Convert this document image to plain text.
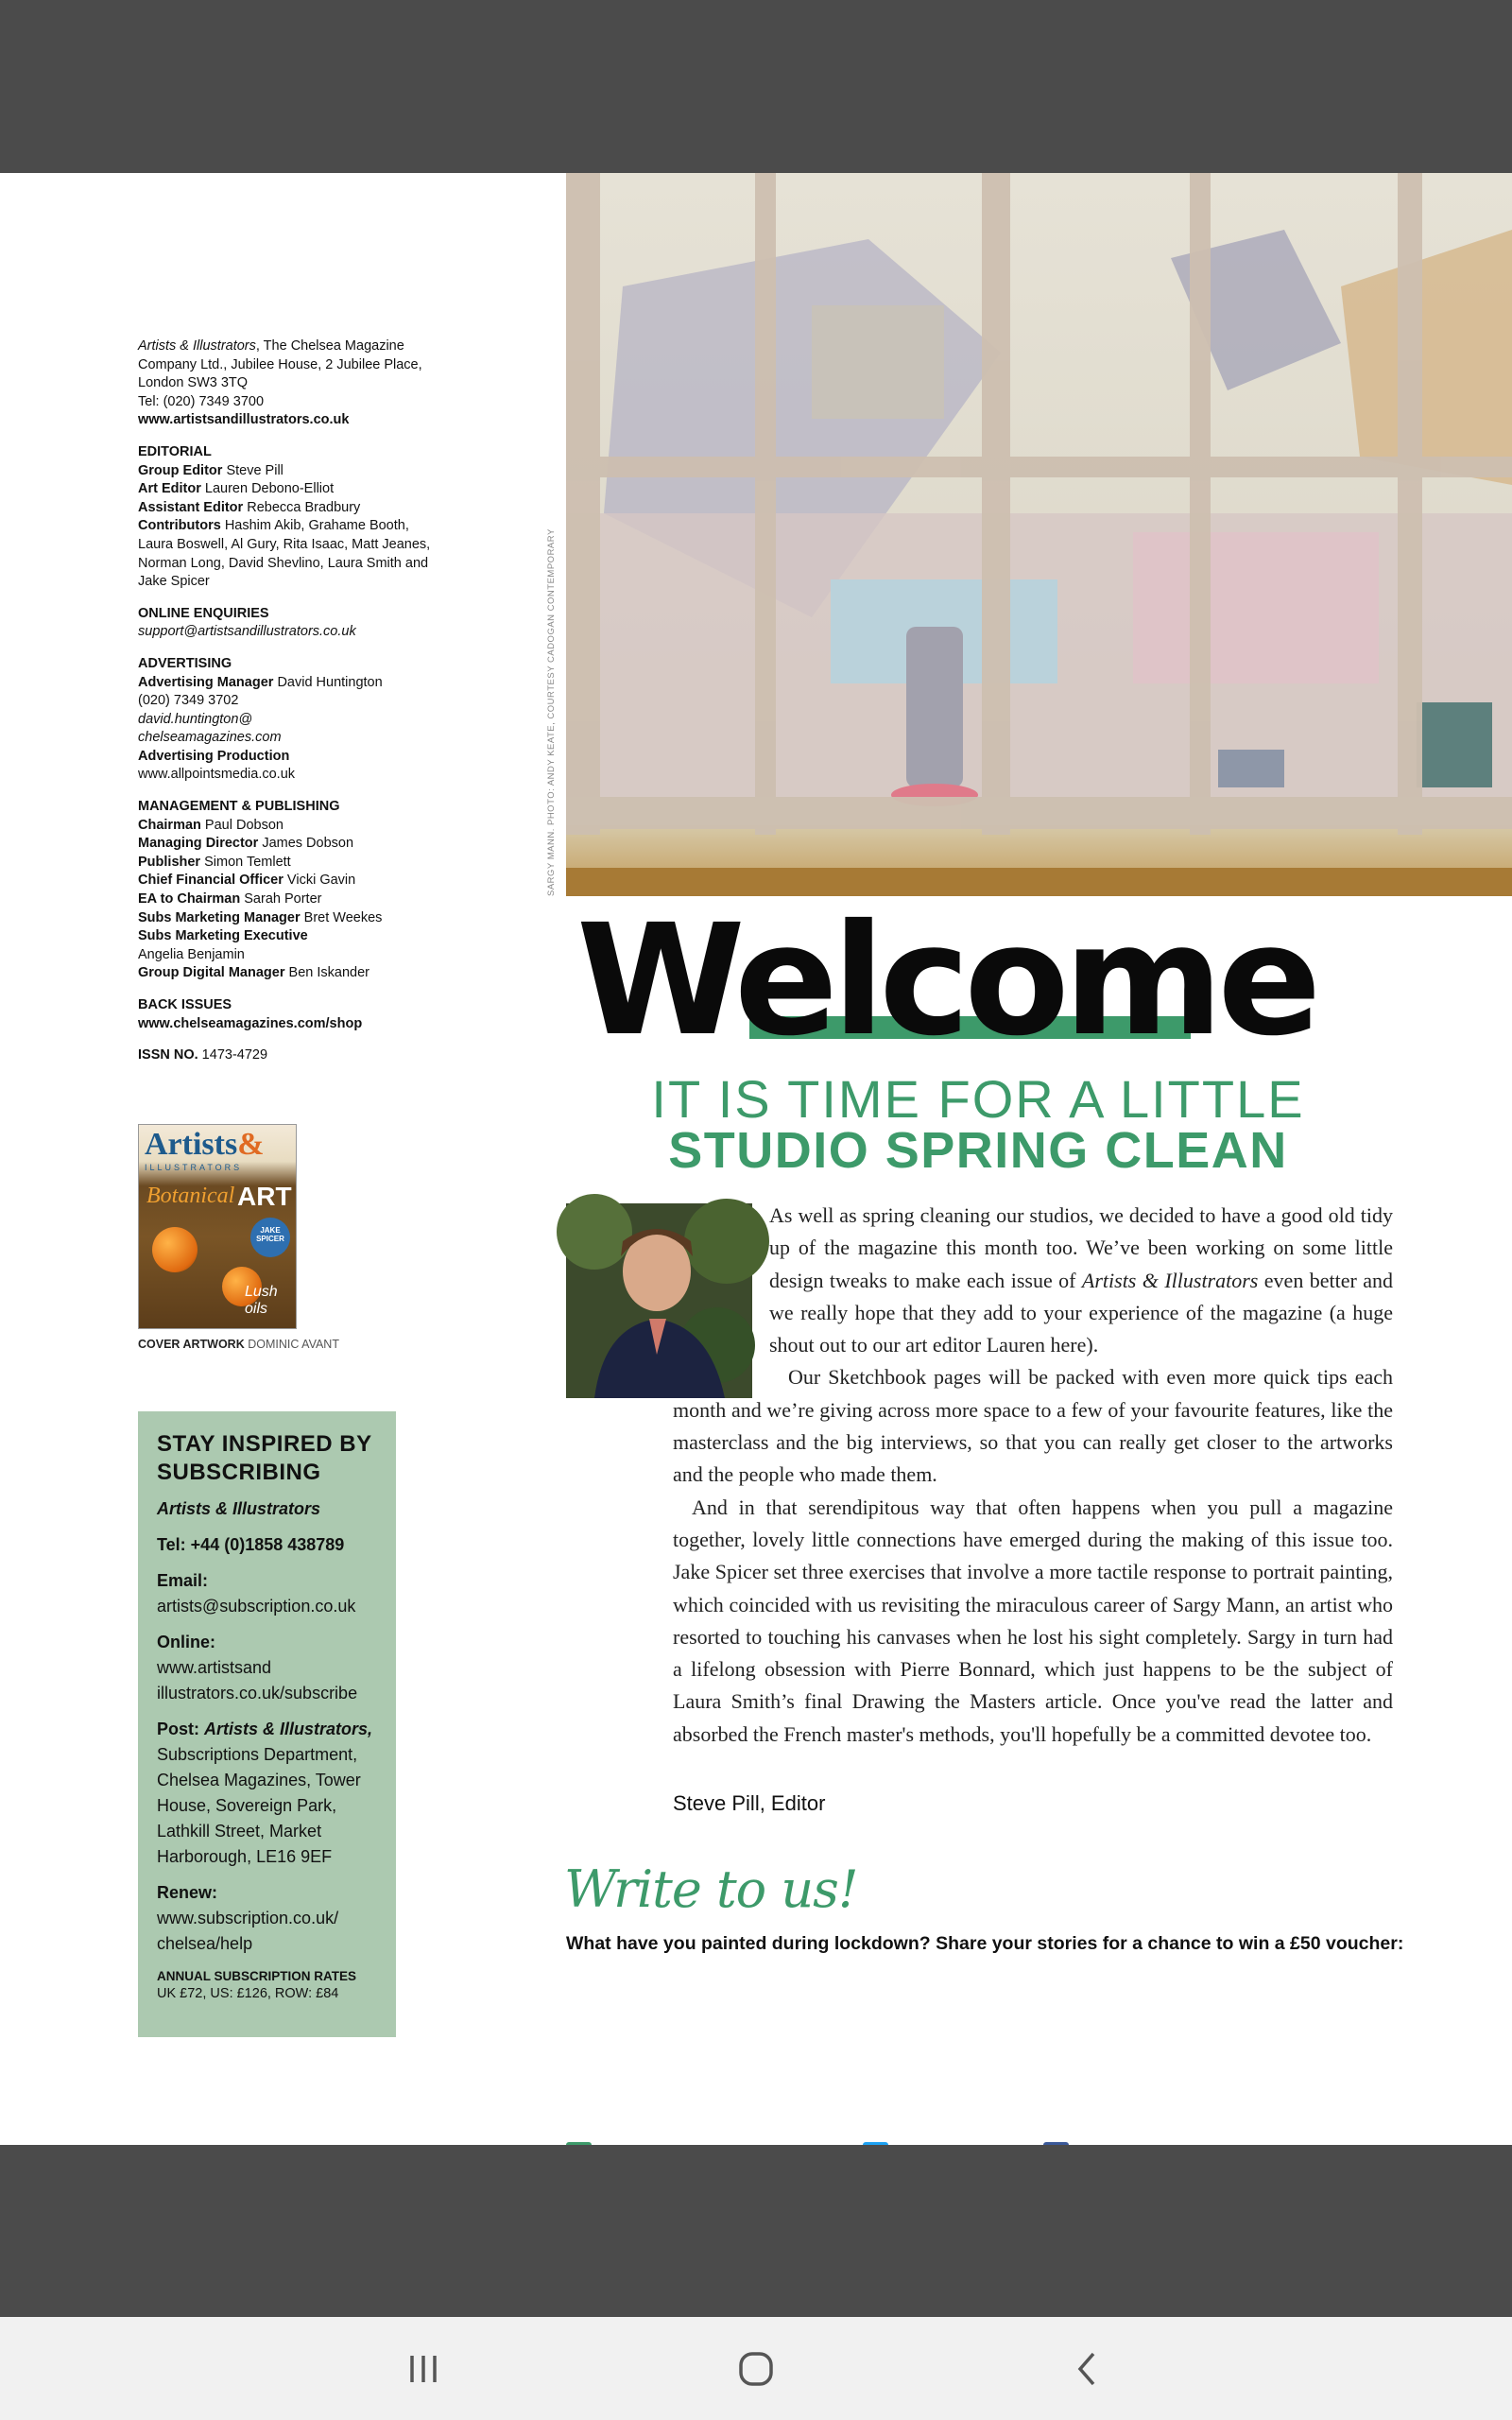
Artists & Illustrators, The Chelsea Magazine Company Ltd., Jubilee House, 2 Jubilee Place, London SW3 3TQ
Tel: (020) 7349 3700
www.artistsandillustrators.co.uk
EDITORIAL
Group Editor Steve Pill
Art Editor Lauren Debono-Elliot
Assistant Editor Rebecca Bradbury
Contributors Hashim Akib, Grahame Booth, Laura Boswell, Al Gury, Rita Isaac, Matt Jeanes, Norman Long, David Shevlino, Laura Smith and Jake Spicer
ONLINE ENQUIRIES
support@artistsandillustrators.co.uk
ADVERTISING
Advertising Manager David Huntington
(020) 7349 3702
david.huntington@ chelseamagazines.com
Advertising Production
www.allpointsmedia.co.uk
MANAGEMENT & PUBLISHING
Chairman Paul Dobson
Managing Director James Dobson
Publisher Simon Temlett
Chief Financial Officer Vicki Gavin
EA to Chairman Sarah Porter
Subs Marketing Manager Bret Weekes
Subs Marketing Executive
Angelia Benjamin
Group Digital Manager Ben Iskander
BACK ISSUES
www.chelseamagazines.com/shop
ISSN NO. 1473-4729
Artists&
ILLUSTRATORS
Botanical ART
JAKE SPICER
Lush oils
COVER ARTWORK DOMINIC AVANT
STAY INSPIRED BY SUBSCRIBING
Artists & Illustrators
Tel: +44 (0)1858 438789
Email:
artists@subscription.co.uk
Online:

www.artistsand illustrators.co.uk/subscribe
Post: Artists & Illustrators, Subscriptions Department, Chelsea Magazines, Tower House, Sovereign Park, Lathkill Street, Market Harborough, LE16 9EF
Renew:

www.subscription.co.uk/ chelsea/help
ANNUAL SUBSCRIPTION RATES
UK £72, US: £126, ROW: £84
SARGY MANN. PHOTO: ANDY KEATE, COURTESY CADOGAN CONTEMPORARY
Welcome
IT IS TIME FOR A LITTLE
STUDIO SPRING CLEAN

As well as spring cleaning our studios, we decided to have a good old tidy up of the magazine this month too. We’ve been working on some little design tweaks to make each issue of Artists & Illustrators even better and we really hope that they add to your experience of the magazine (a huge shout out to our art editor Lauren here).

Our Sketchbook pages will be packed with even more quick tips each month and we’re giving across more space to a few of your favourite features, like the masterclass and the big interviews, so that you can really get closer to the artworks and the people who made them.

And in that serendipitous way that often happens when you pull a magazine together, lovely little connections have emerged during the making of this issue too. Jake Spicer set three exercises that involve a more tactile response to portrait painting, which coincided with us revisiting the miraculous career of Sargy Mann, an artist who resorted to touching his canvases when he lost his sight completely. Sargy in turn had a lifelong obsession with Pierre Bonnard, which just happens to be the subject of Laura Smith’s final Drawing the Masters article. Once you've read the latter and absorbed the French master's methods, you'll hopefully be a committed devotee too.

Steve Pill, Editor
Write to us!
What have you painted during lockdown? Share your stories for a chance to win a £50 voucher:
